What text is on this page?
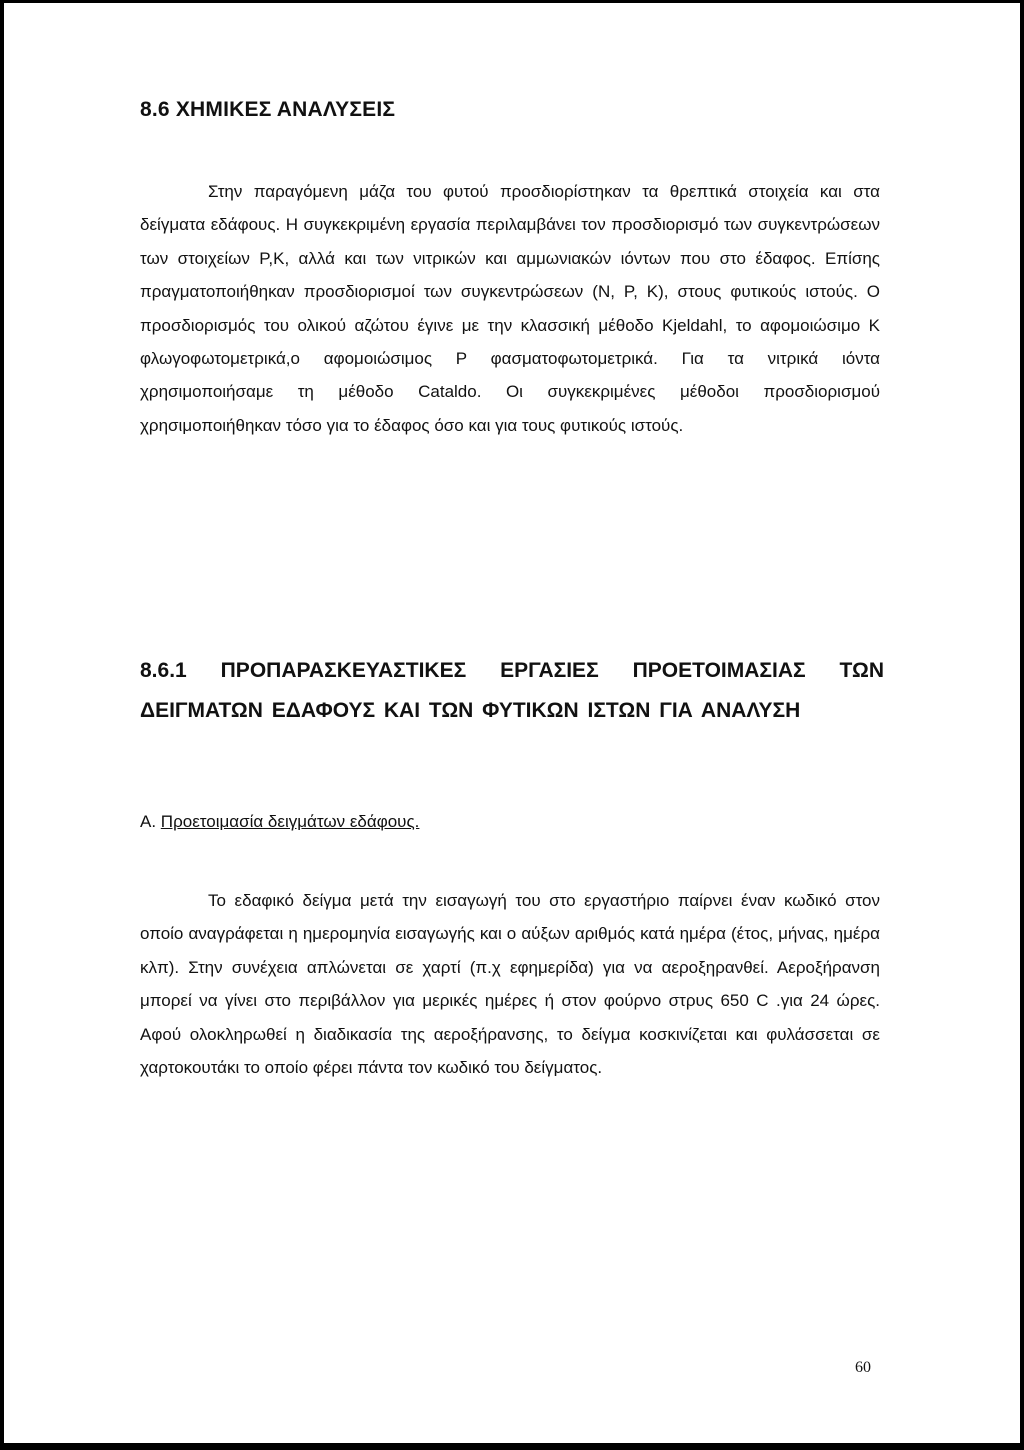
8.6 ΧΗΜΙΚΕΣ ΑΝΑΛΥΣΕΙΣ
Στην παραγόμενη μάζα του φυτού προσδιορίστηκαν τα θρεπτικά στοιχεία και στα δείγματα εδάφους. Η συγκεκριμένη εργασία περιλαμβάνει τον προσδιορισμό των συγκεντρώσεων των στοιχείων P,K, αλλά και των νιτρικών και αμμωνιακών ιόντων που στο έδαφος. Επίσης πραγματοποιήθηκαν προσδιορισμοί των συγκεντρώσεων (Ν, P, Κ), στους φυτικούς ιστούς. Ο προσδιορισμός του ολικού αζώτου έγινε με την κλασσική μέθοδο Kjeldahl, το αφομοιώσιμο Κ φλωγοφωτομετρικά,ο αφομοιώσιμος P φασματοφωτομετρικά. Για τα νιτρικά ιόντα χρησιμοποιήσαμε τη μέθοδο Cataldo. Οι συγκεκριμένες μέθοδοι προσδιορισμού χρησιμοποιήθηκαν τόσο για το έδαφος όσο και για τους φυτικούς ιστούς.
8.6.1 ΠΡΟΠΑΡΑΣΚΕΥΑΣΤΙΚΕΣ ΕΡΓΑΣΙΕΣ ΠΡΟΕΤΟΙΜΑΣΙΑΣ ΤΩΝ ΔΕΙΓΜΑΤΩΝ ΕΔΑΦΟΥΣ ΚΑΙ ΤΩΝ ΦΥΤΙΚΩΝ ΙΣΤΩΝ ΓΙΑ ΑΝΑΛΥΣΗ
Α. Προετοιμασία δειγμάτων εδάφους.
Το εδαφικό δείγμα μετά την εισαγωγή του στο εργαστήριο παίρνει έναν κωδικό στον οποίο αναγράφεται η ημερομηνία εισαγωγής και ο αύξων αριθμός κατά ημέρα (έτος, μήνας, ημέρα κλπ). Στην συνέχεια απλώνεται σε χαρτί (π.χ εφημερίδα) για να αεροξηρανθεί. Αεροξήρανση μπορεί να γίνει στο περιβάλλον για μερικές ημέρες ή στον φούρνο στρυς 650 C .για 24 ώρες. Αφού ολοκληρωθεί η διαδικασία της αεροξήρανσης, το δείγμα κοσκινίζεται και φυλάσσεται σε χαρτοκουτάκι το οποίο φέρει πάντα τον κωδικό του δείγματος.
60
